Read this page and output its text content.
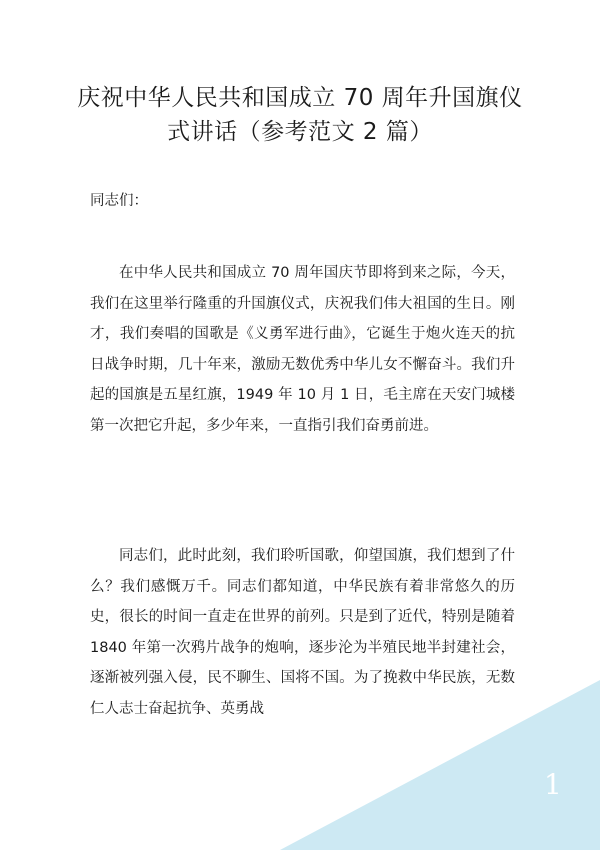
庆祝中华人民共和国成立 70 周年升国旗仪
式讲话（参考范文 2 篇）
同志们：

在中华人民共和国成立 70 周年国庆节即将到来之际，今天，我们在这里举行隆重的升国旗仪式，庆祝我们伟大祖国的生日。刚才，我们奏唱的国歌是《义勇军进行曲》，它诞生于炮火连天的抗日战争时期，几十年来，激励无数优秀中华儿女不懈奋斗。我们升起的国旗是五星红旗，1949 年 10 月 1 日，毛主席在天安门城楼第一次把它升起，多少年来，一直指引我们奋勇前进。

同志们，此时此刻，我们聆听国歌，仰望国旗，我们想到了什么？我们感慨万千。同志们都知道，中华民族有着非常悠久的历史，很长的时间一直走在世界的前列。只是到了近代，特别是随着 1840 年第一次鸦片战争的炮响，逐步沦为半殖民地半封建社会，逐渐被列强入侵，民不聊生、国将不国。为了挽救中华民族，无数仁人志士奋起抗争、英勇战

1
